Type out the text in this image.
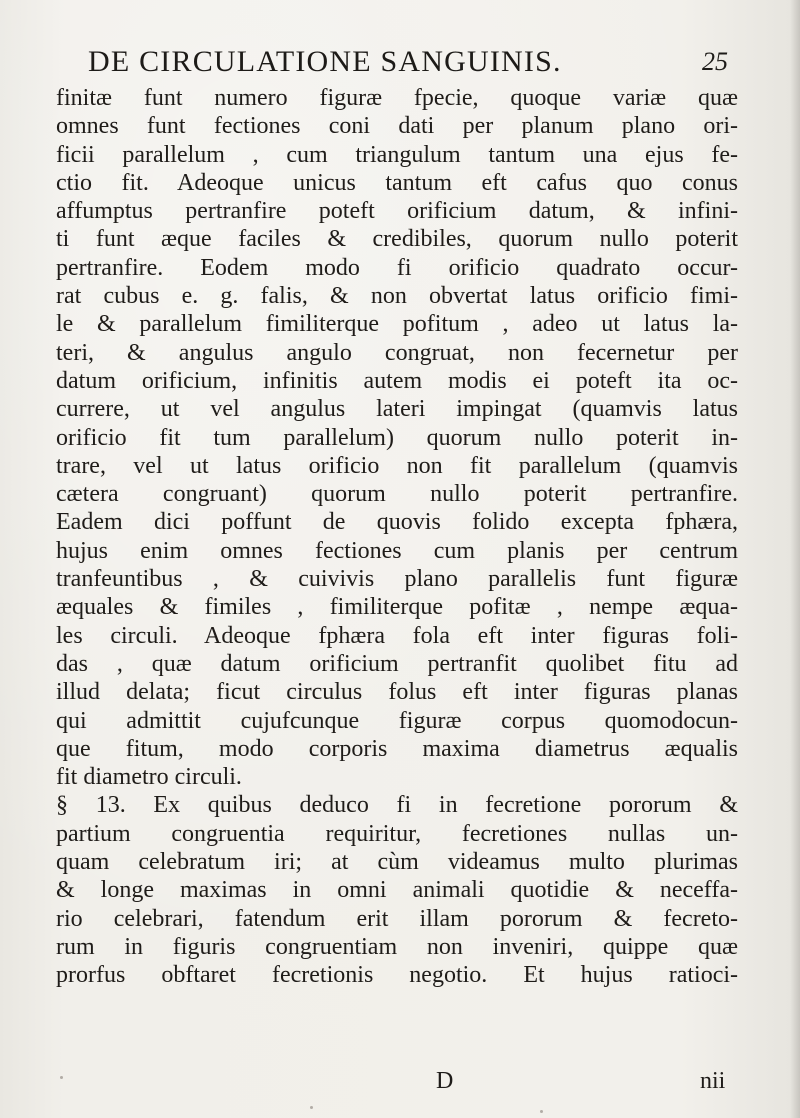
DE CIRCULATIONE SANGUINIS.	25
finitæ funt numero figuræ fpecie, quoque variæ quæ
omnes funt fectiones coni dati per planum plano ori-
ficii parallelum , cum triangulum tantum una ejus fe-
ctio fit. Adeoque unicus tantum eft cafus quo conus
affumptus pertranfire poteft orificium datum, & infini-
ti funt æque faciles & credibiles, quorum nullo poterit
pertranfire. Eodem modo fi orificio quadrato occur-
rat cubus e. g. falis, & non obvertat latus orificio fimi-
le & parallelum fimiliterque pofitum , adeo ut latus la-
teri, & angulus angulo congruat, non fecernetur per
datum orificium, infinitis autem modis ei poteft ita oc-
currere, ut vel angulus lateri impingat (quamvis latus
orificio fit tum parallelum) quorum nullo poterit in-
trare, vel ut latus orificio non fit parallelum (quamvis
cætera congruant) quorum nullo poterit pertranfire.
Eadem dici poffunt de quovis folido excepta fphæra,
hujus enim omnes fectiones cum planis per centrum
tranfeuntibus , & cuivivis plano parallelis funt figuræ
æquales & fimiles , fimiliterque pofitæ , nempe æqua-
les circuli. Adeoque fphæra fola eft inter figuras foli-
das , quæ datum orificium pertranfit quolibet fitu ad
illud delata; ficut circulus folus eft inter figuras planas
qui admittit cujufcunque figuræ corpus quomodocun-
que fitum, modo corporis maxima diametrus æqualis
fit diametro circuli.
§ 13. Ex quibus deduco fi in fecretione pororum &
partium congruentia requiritur, fecretiones nullas un-
quam celebratum iri; at cùm videamus multo plurimas
& longe maximas in omni animali quotidie & neceffa-
rio celebrari, fatendum erit illam pororum & fecreto-
rum in figuris congruentiam non inveniri, quippe quæ
prorfus obftaret fecretionis negotio. Et hujus ratioci-
D	nii
